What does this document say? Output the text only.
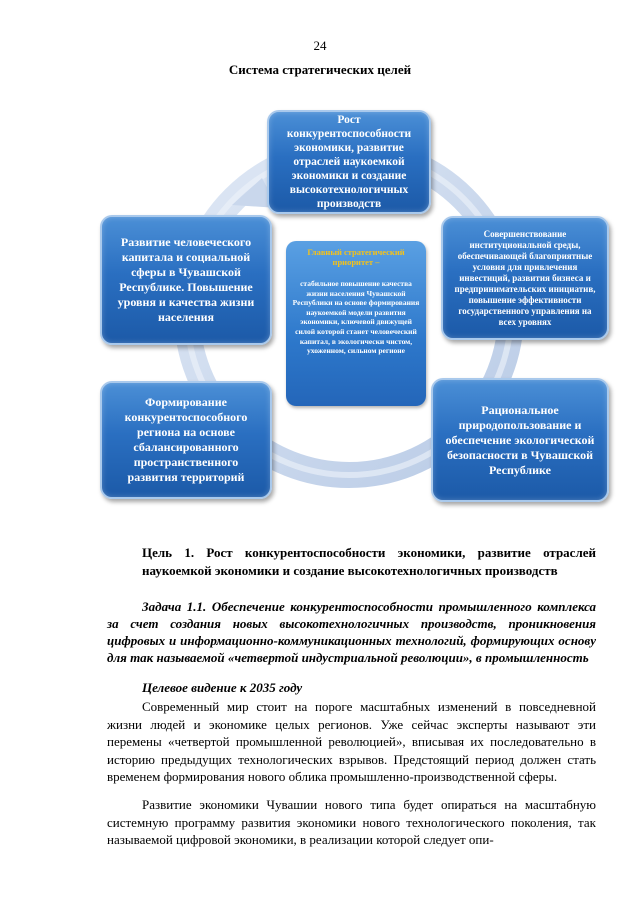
24
Система стратегических целей
Рост конкурентоспособности экономики, развитие отраслей наукоемкой экономики и создание высокотехнологичных производств
Развитие человеческого капитала и социальной сферы в Чувашской Республике. Повышение уровня и качества жизни населения
Совершенствование институциональной среды, обеспечивающей благоприятные условия для привлечения инвестиций, развития бизнеса и предпринимательских инициатив, повышение эффективности государственного управления на всех уровнях
Формирование конкурентоспособного региона на основе сбалансированного пространственного развития территорий
Рациональное природопользование и обеспечение экологической безопасности в Чувашской Республике
Главный стратегический приоритет –
стабильное повышение качества жизни населения Чувашской Республики на основе формирования наукоемкой модели развития экономики, ключевой движущей силой которой станет человеческий капитал, в экологически чистом, ухоженном, сильном регионе
Цель 1. Рост конкурентоспособности экономики, развитие отраслей наукоемкой экономики и создание высокотехнологичных производств
Задача 1.1. Обеспечение конкурентоспособности промышленного комплекса за счет создания новых высокотехнологичных производств, проникновения цифровых и информационно-коммуникационных технологий, формирующих основу для так называемой «четвертой индустриальной революции», в промышленность
Целевое видение к 2035 году
Современный мир стоит на пороге масштабных изменений в повседневной жизни людей и экономике целых регионов. Уже сейчас эксперты называют эти перемены «четвертой промышленной революцией», вписывая их последовательно в историю предыдущих технологических взрывов. Предстоящий период должен стать временем формирования нового облика промышленно-производственной сферы.
Развитие экономики Чувашии нового типа будет опираться на масштабную системную программу развития экономики нового технологического поколения, так называемой цифровой экономики, в реализации которой следует опи-
